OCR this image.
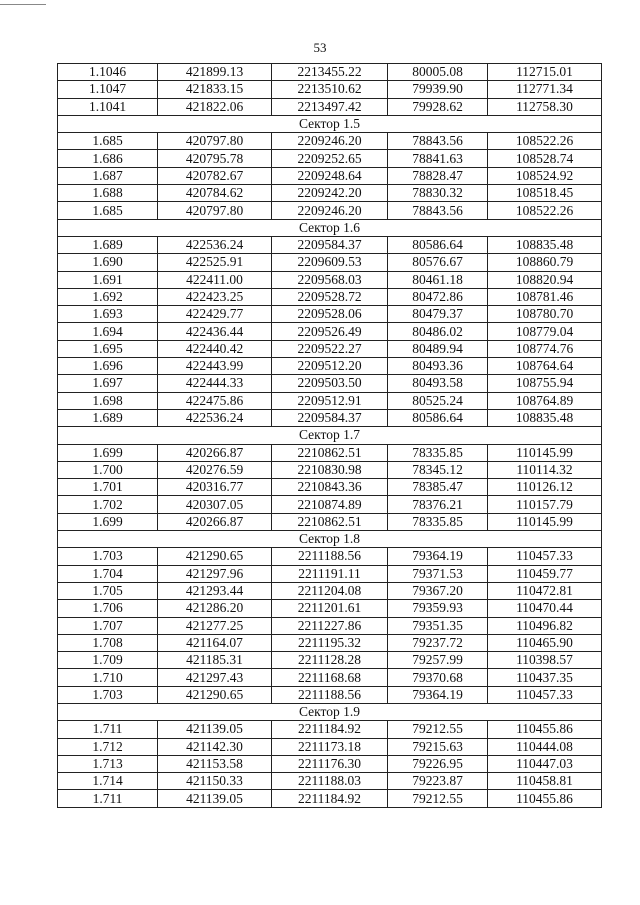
53
1.1046	421899.13	2213455.22	80005.08	112715.01
1.1047	421833.15	2213510.62	79939.90	112771.34
1.1041	421822.06	2213497.42	79928.62	112758.30
Сектор 1.5				
1.685	420797.80	2209246.20	78843.56	108522.26
1.686	420795.78	2209252.65	78841.63	108528.74
1.687	420782.67	2209248.64	78828.47	108524.92
1.688	420784.62	2209242.20	78830.32	108518.45
1.685	420797.80	2209246.20	78843.56	108522.26
Сектор 1.6				
1.689	422536.24	2209584.37	80586.64	108835.48
1.690	422525.91	2209609.53	80576.67	108860.79
1.691	422411.00	2209568.03	80461.18	108820.94
1.692	422423.25	2209528.72	80472.86	108781.46
1.693	422429.77	2209528.06	80479.37	108780.70
1.694	422436.44	2209526.49	80486.02	108779.04
1.695	422440.42	2209522.27	80489.94	108774.76
1.696	422443.99	2209512.20	80493.36	108764.64
1.697	422444.33	2209503.50	80493.58	108755.94
1.698	422475.86	2209512.91	80525.24	108764.89
1.689	422536.24	2209584.37	80586.64	108835.48
Сектор 1.7				
1.699	420266.87	2210862.51	78335.85	110145.99
1.700	420276.59	2210830.98	78345.12	110114.32
1.701	420316.77	2210843.36	78385.47	110126.12
1.702	420307.05	2210874.89	78376.21	110157.79
1.699	420266.87	2210862.51	78335.85	110145.99
Сектор 1.8				
1.703	421290.65	2211188.56	79364.19	110457.33
1.704	421297.96	2211191.11	79371.53	110459.77
1.705	421293.44	2211204.08	79367.20	110472.81
1.706	421286.20	2211201.61	79359.93	110470.44
1.707	421277.25	2211227.86	79351.35	110496.82
1.708	421164.07	2211195.32	79237.72	110465.90
1.709	421185.31	2211128.28	79257.99	110398.57
1.710	421297.43	2211168.68	79370.68	110437.35
1.703	421290.65	2211188.56	79364.19	110457.33
Сектор 1.9				
1.711	421139.05	2211184.92	79212.55	110455.86
1.712	421142.30	2211173.18	79215.63	110444.08
1.713	421153.58	2211176.30	79226.95	110447.03
1.714	421150.33	2211188.03	79223.87	110458.81
1.711	421139.05	2211184.92	79212.55	110455.86
